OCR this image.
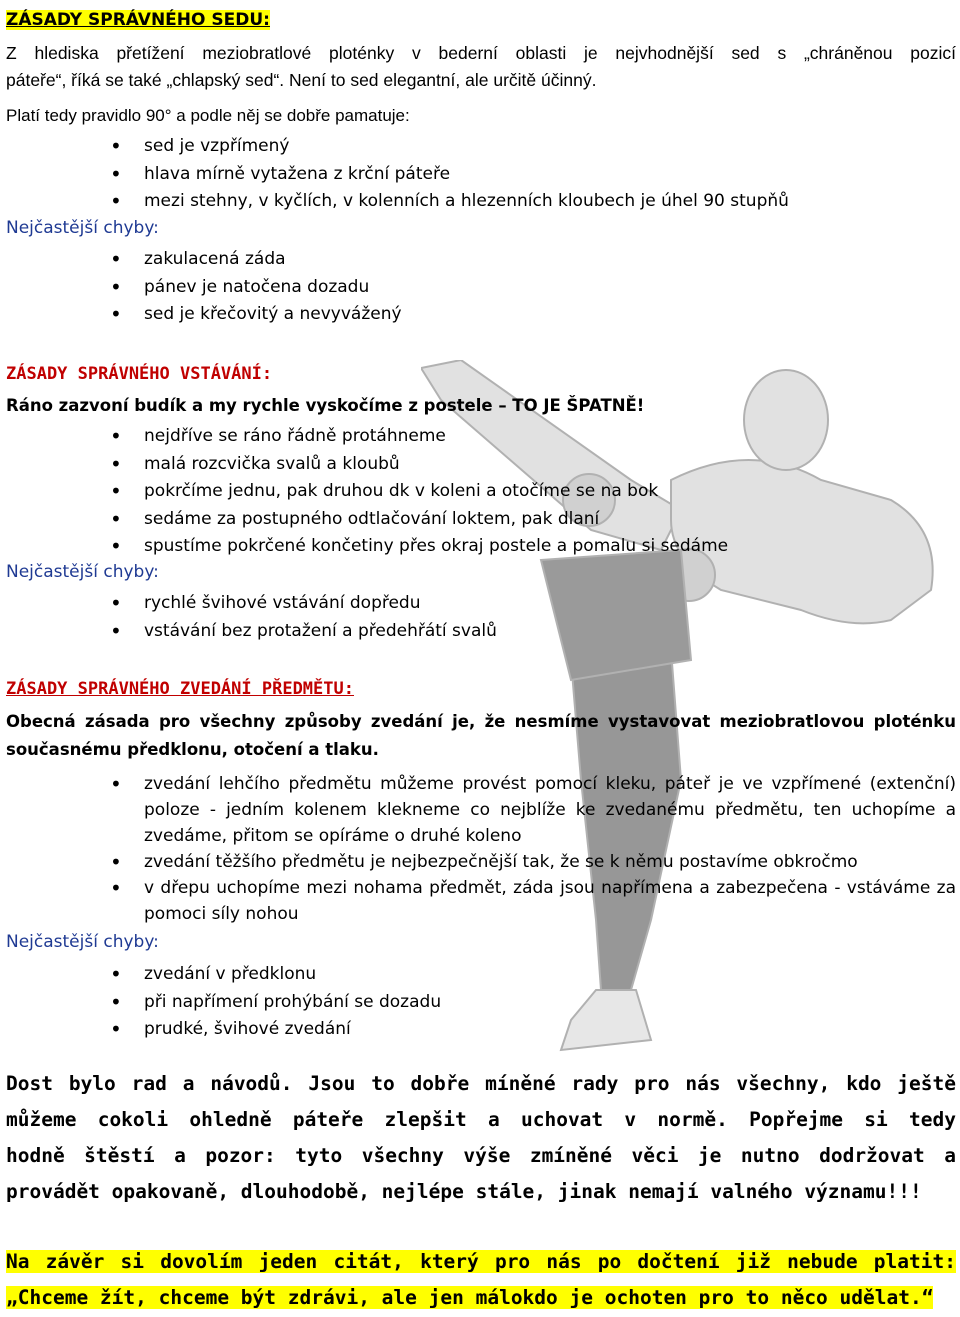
ZÁSADY SPRÁVNÉHO SEDU:
Z hlediska přetížení meziobratlové ploténky v bederní oblasti je nejvhodnější sed s „chráněnou pozicí
páteře“, říká se také „chlapský sed“. Není to sed elegantní, ale určitě účinný.
Platí tedy pravidlo 90° a podle něj se dobře pamatuje:
• sed je vzpřímený
• hlava mírně vytažena z krční páteře
• mezi stehny, v kyčlích, v kolenních a hlezenních kloubech je úhel 90 stupňů
Nejčastější chyby:
• zakulacená záda
• pánev je natočena dozadu
• sed je křečovitý a nevyvážený
ZÁSADY SPRÁVNÉHO VSTÁVÁNÍ:
Ráno zazvoní budík a my rychle vyskočíme z postele – TO JE ŠPATNĚ!
• nejdříve se ráno řádně protáhneme
• malá rozcvička svalů a kloubů
• pokrčíme jednu, pak druhou dk v koleni a otočíme se na bok
• sedáme za postupného odtlačování loktem, pak dlaní
• spustíme pokrčené končetiny přes okraj postele a pomalu si sedáme
Nejčastější chyby:
• rychlé švihové vstávání dopředu
• vstávání bez protažení a předehřátí svalů
ZÁSADY SPRÁVNÉHO ZVEDÁNÍ PŘEDMĚTU:
Obecná zásada pro všechny způsoby zvedání je, že nesmíme vystavovat meziobratlovou ploténku
současnému předklonu, otočení a tlaku.
• zvedání lehčího předmětu můžeme provést pomocí kleku, páteř je ve vzpřímené (extenční) poloze - jedním kolenem klekneme co nejblíže ke zvedanému předmětu, ten uchopíme a zvedáme, přitom se opíráme o druhé koleno
• zvedání těžšího předmětu je nejbezpečnější tak, že se k němu postavíme obkročmo
• v dřepu uchopíme mezi nohama předmět, záda jsou napřímena a zabezpečena - vstáváme za pomoci síly nohou
Nejčastější chyby:
• zvedání v předklonu
• při napřímení prohýbání se dozadu
• prudké, švihové zvedání
Dost bylo rad a návodů. Jsou to dobře míněné rady pro nás všechny, kdo ještě
můžeme cokoli ohledně páteře zlepšit a uchovat v normě. Popřejme si tedy
hodně štěstí a pozor: tyto všechny výše zmíněné věci je nutno dodržovat a
provádět opakovaně, dlouhodobě, nejlépe stále, jinak nemají valného významu!!!
Na závěr si dovolím jeden citát, který pro nás po dočtení již nebude platit:
„Chceme žít, chceme být zdrávi, ale jen málokdo je ochoten pro to něco udělat.“
